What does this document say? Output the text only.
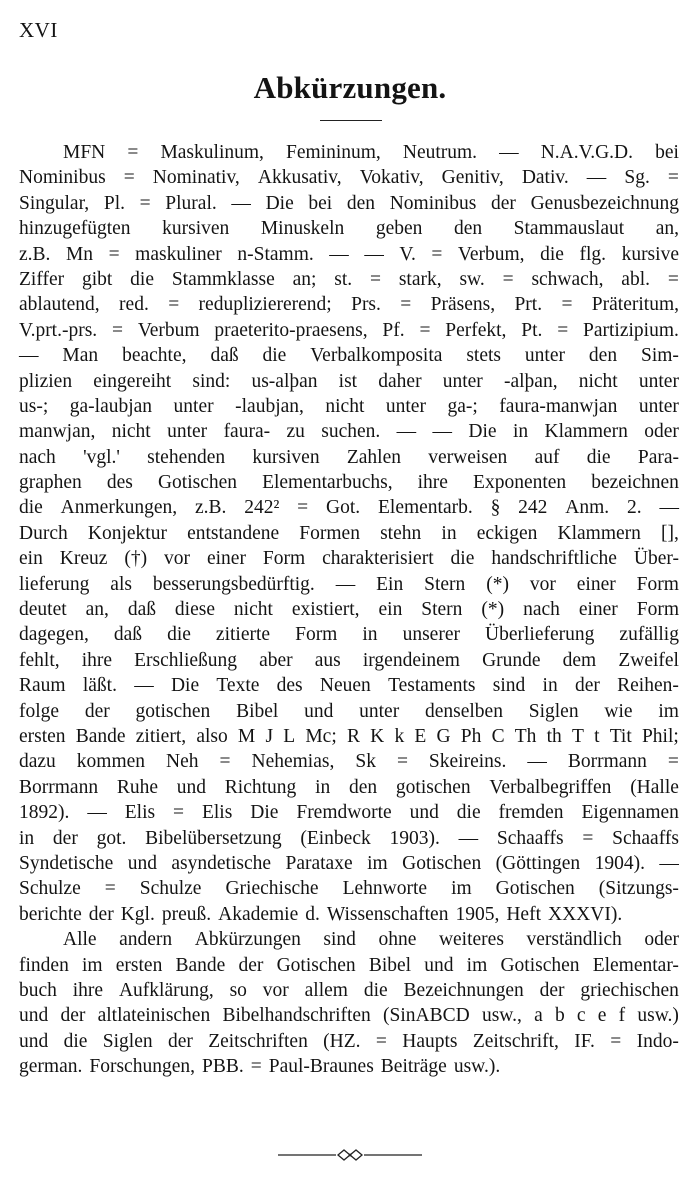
XVI
Abkürzungen.
MFN = Maskulinum, Femininum, Neutrum. — N.A.V.G.D. bei
Nominibus = Nominativ, Akkusativ, Vokativ, Genitiv, Dativ. — Sg. =
Singular, Pl. = Plural. — Die bei den Nominibus der Genusbezeichnung
hinzugefügten kursiven Minuskeln geben den Stammauslaut an,
z.B. Mn = maskuliner n-Stamm. — — V. = Verbum, die flg. kursive
Ziffer gibt die Stammklasse an; st. = stark, sw. = schwach, abl. =
ablautend, red. = redupliziererend; Prs. = Präsens, Prt. = Präteritum,
V.prt.-prs. = Verbum praeterito-praesens, Pf. = Perfekt, Pt. = Partizipium.
— Man beachte, daß die Verbalkomposita stets unter den Sim-
plizien eingereiht sind: us-alþan ist daher unter -alþan, nicht unter
us-; ga-laubjan unter -laubjan, nicht unter ga-; faura-manwjan unter
manwjan, nicht unter faura- zu suchen. — — Die in Klammern oder
nach 'vgl.' stehenden kursiven Zahlen verweisen auf die Para-
graphen des Gotischen Elementarbuchs, ihre Exponenten bezeichnen
die Anmerkungen, z.B. 242² = Got. Elementarb. § 242 Anm. 2. —
Durch Konjektur entstandene Formen stehn in eckigen Klammern [],
ein Kreuz (†) vor einer Form charakterisiert die handschriftliche Über-
lieferung als besserungsbedürftig. — Ein Stern (*) vor einer Form
deutet an, daß diese nicht existiert, ein Stern (*) nach einer Form
dagegen, daß die zitierte Form in unserer Überlieferung zufällig
fehlt, ihre Erschließung aber aus irgendeinem Grunde dem Zweifel
Raum läßt. — Die Texte des Neuen Testaments sind in der Reihen-
folge der gotischen Bibel und unter denselben Siglen wie im
ersten Bande zitiert, also M J L Mc; R K k E G Ph C Th th T t Tit Phil;
dazu kommen Neh = Nehemias, Sk = Skeireins. — Borrmann =
Borrmann Ruhe und Richtung in den gotischen Verbalbegriffen (Halle
1892). — Elis = Elis Die Fremdworte und die fremden Eigennamen
in der got. Bibelübersetzung (Einbeck 1903). — Schaaffs = Schaaffs
Syndetische und asyndetische Parataxe im Gotischen (Göttingen 1904). —
Schulze = Schulze Griechische Lehnworte im Gotischen (Sitzungs-
berichte der Kgl. preuß. Akademie d. Wissenschaften 1905, Heft XXXVI).
Alle andern Abkürzungen sind ohne weiteres verständlich oder
finden im ersten Bande der Gotischen Bibel und im Gotischen Elementar-
buch ihre Aufklärung, so vor allem die Bezeichnungen der griechischen
und der altlateinischen Bibelhandschriften (SinABCD usw., a b c e f usw.)
und die Siglen der Zeitschriften (HZ. = Haupts Zeitschrift, IF. = Indo-
german. Forschungen, PBB. = Paul-Braunes Beiträge usw.).
